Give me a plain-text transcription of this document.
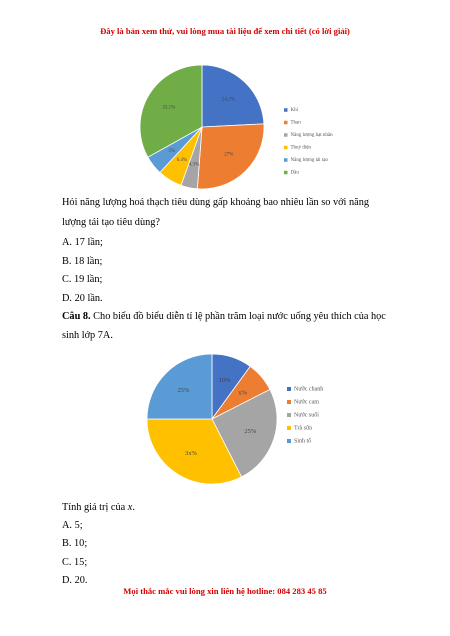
Đây là bản xem thử, vui lòng mua tài liệu để xem chi tiết (có lời giải)
24.2%
27%
4.3%
6.4%
5%
33.1%	Khí
Than
Năng lượng hạt nhân
Thuỷ điện
Năng lượng tái tạo
Dầu
Hỏi năng lượng hoá thạch tiêu dùng gấp khoảng bao nhiêu lần so với năng
lượng tái tạo tiêu dùng?
A. 17 lần;
B. 18 lần;
C. 19 lần;
D. 20 lần.
Câu 8. Cho biểu đồ biểu diễn tỉ lệ phần trăm loại nước uống yêu thích của học
sinh lớp 7A.
10%
x%
25%
3x%
25%	Nước chanh
Nước cam
Nước suối
Trà sữa
Sinh tố
Tính giá trị của x.
A. 5;
B. 10;
C. 15;
D. 20.
Mọi thắc mắc vui lòng xin liên hệ hotline: 084 283 45 85
